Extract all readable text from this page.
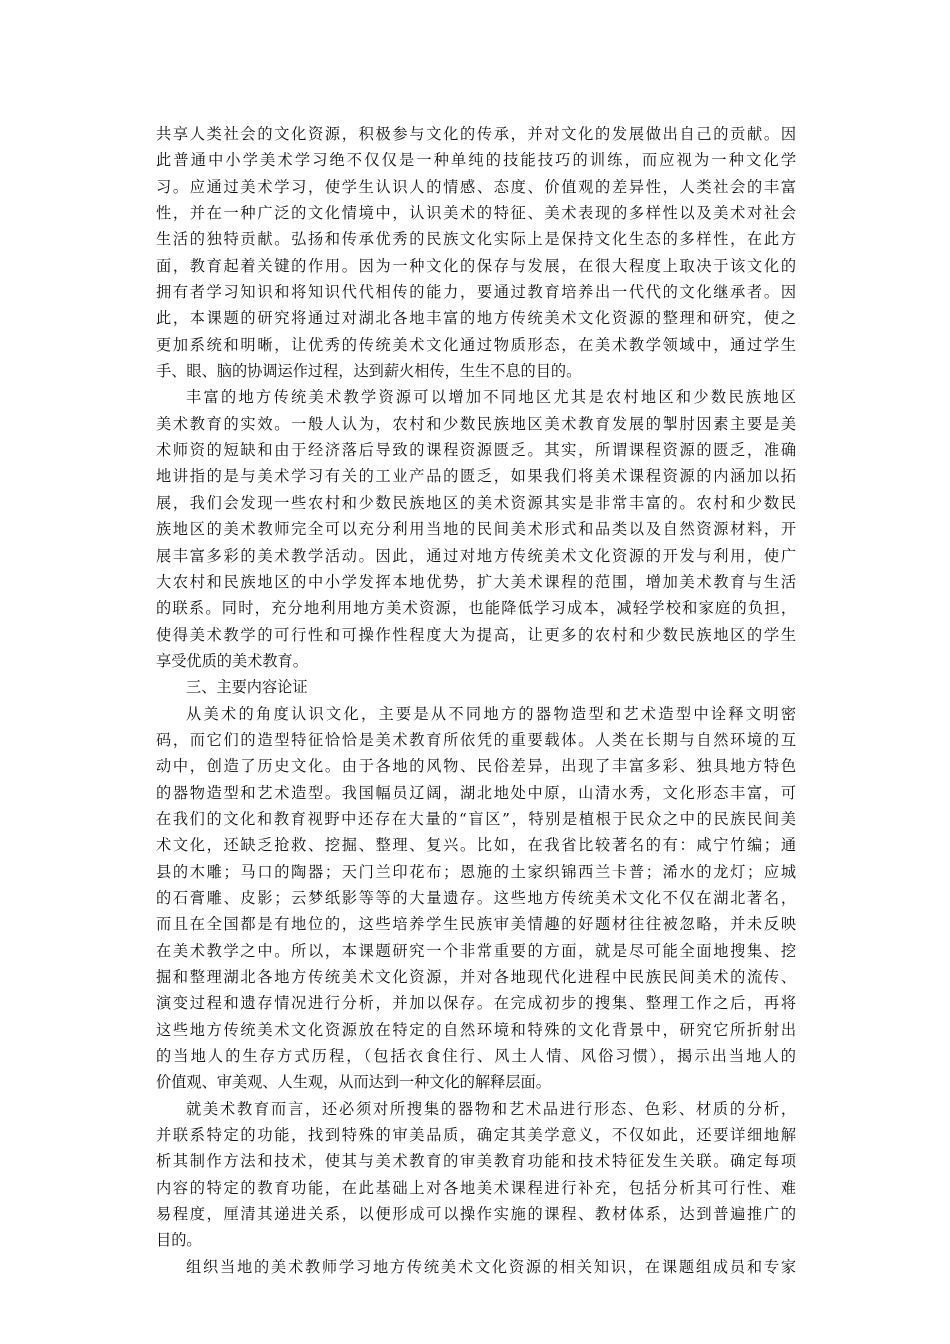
共享人类社会的文化资源，积极参与文化的传承，并对文化的发展做出自己的贡献。因
此普通中小学美术学习绝不仅仅是一种单纯的技能技巧的训练，而应视为一种文化学
习。应通过美术学习，使学生认识人的情感、态度、价值观的差异性，人类社会的丰富
性，并在一种广泛的文化情境中，认识美术的特征、美术表现的多样性以及美术对社会
生活的独特贡献。弘扬和传承优秀的民族文化实际上是保持文化生态的多样性，在此方
面，教育起着关键的作用。因为一种文化的保存与发展，在很大程度上取决于该文化的
拥有者学习知识和将知识代代相传的能力，要通过教育培养出一代代的文化继承者。因
此，本课题的研究将通过对湖北各地丰富的地方传统美术文化资源的整理和研究，使之
更加系统和明晰，让优秀的传统美术文化通过物质形态，在美术教学领域中，通过学生
手、眼、脑的协调运作过程，达到薪火相传，生生不息的目的。
丰富的地方传统美术教学资源可以增加不同地区尤其是农村地区和少数民族地区
美术教育的实效。一般人认为，农村和少数民族地区美术教育发展的掣肘因素主要是美
术师资的短缺和由于经济落后导致的课程资源匮乏。其实，所谓课程资源的匮乏，准确
地讲指的是与美术学习有关的工业产品的匮乏，如果我们将美术课程资源的内涵加以拓
展，我们会发现一些农村和少数民族地区的美术资源其实是非常丰富的。农村和少数民
族地区的美术教师完全可以充分利用当地的民间美术形式和品类以及自然资源材料，开
展丰富多彩的美术教学活动。因此，通过对地方传统美术文化资源的开发与利用，使广
大农村和民族地区的中小学发挥本地优势，扩大美术课程的范围，增加美术教育与生活
的联系。同时，充分地利用地方美术资源，也能降低学习成本，减轻学校和家庭的负担，
使得美术教学的可行性和可操作性程度大为提高，让更多的农村和少数民族地区的学生
享受优质的美术教育。
三、主要内容论证
从美术的角度认识文化，主要是从不同地方的器物造型和艺术造型中诠释文明密
码，而它们的造型特征恰恰是美术教育所依凭的重要载体。人类在长期与自然环境的互
动中，创造了历史文化。由于各地的风物、民俗差异，出现了丰富多彩、独具地方特色
的器物造型和艺术造型。我国幅员辽阔，湖北地处中原，山清水秀，文化形态丰富，可
在我们的文化和教育视野中还存在大量的“盲区”，特别是植根于民众之中的民族民间美
术文化，还缺乏抢救、挖掘、整理、复兴。比如，在我省比较著名的有：咸宁竹编；通
县的木雕；马口的陶器；天门兰印花布；恩施的土家织锦西兰卡普；浠水的龙灯；应城
的石膏雕、皮影；云梦纸影等等的大量遗存。这些地方传统美术文化不仅在湖北著名，
而且在全国都是有地位的，这些培养学生民族审美情趣的好题材往往被忽略，并未反映
在美术教学之中。所以，本课题研究一个非常重要的方面，就是尽可能全面地搜集、挖
掘和整理湖北各地方传统美术文化资源，并对各地现代化进程中民族民间美术的流传、
演变过程和遗存情况进行分析，并加以保存。在完成初步的搜集、整理工作之后，再将
这些地方传统美术文化资源放在特定的自然环境和特殊的文化背景中，研究它所折射出
的当地人的生存方式历程，（包括衣食住行、风土人情、风俗习惯），揭示出当地人的
价值观、审美观、人生观，从而达到一种文化的解释层面。
就美术教育而言，还必须对所搜集的器物和艺术品进行形态、色彩、材质的分析，
并联系特定的功能，找到特殊的审美品质，确定其美学意义，不仅如此，还要详细地解
析其制作方法和技术，使其与美术教育的审美教育功能和技术特征发生关联。确定每项
内容的特定的教育功能，在此基础上对各地美术课程进行补充，包括分析其可行性、难
易程度，厘清其递进关系，以便形成可以操作实施的课程、教材体系，达到普遍推广的
目的。
组织当地的美术教师学习地方传统美术文化资源的相关知识，在课题组成员和专家
